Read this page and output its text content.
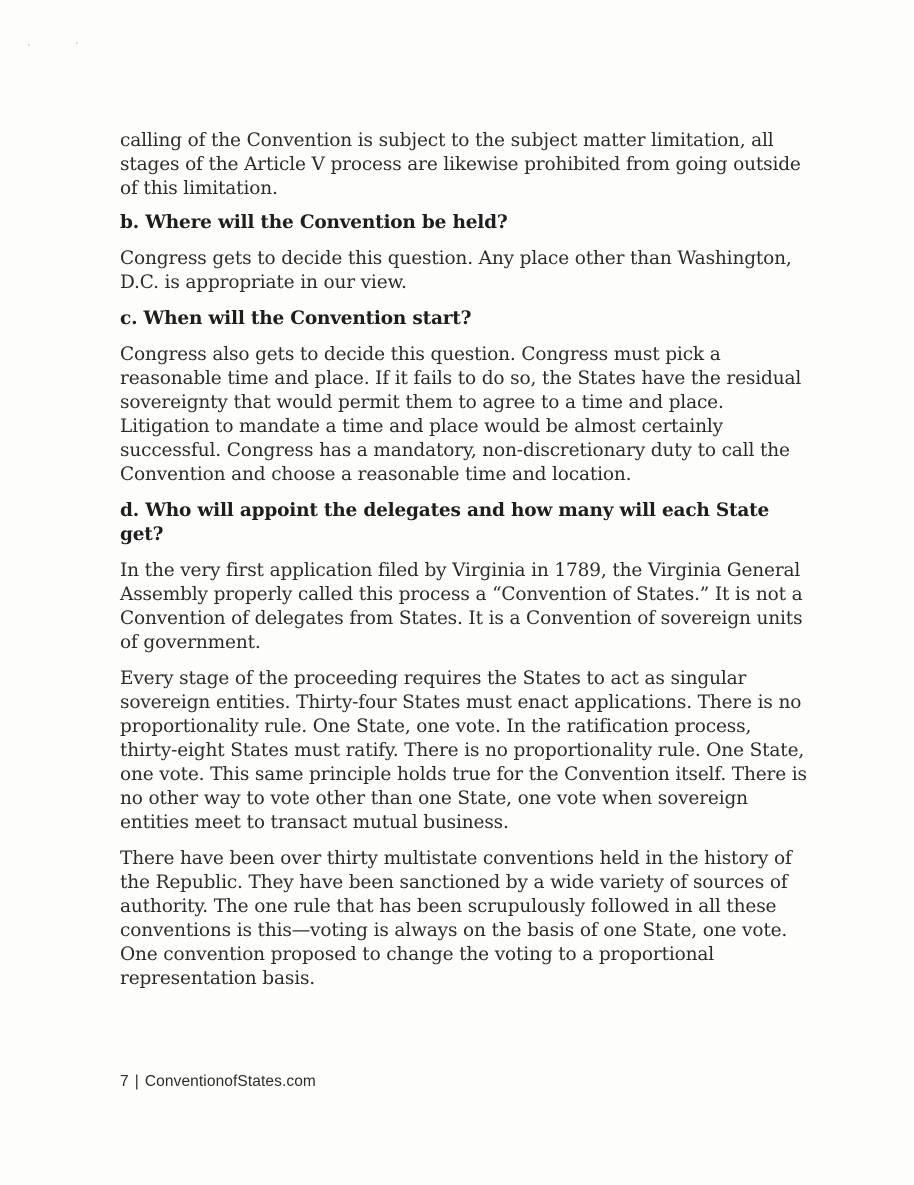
calling of the Convention is subject to the subject matter limitation, all stages of the Article V process are likewise prohibited from going outside of this limitation.

b. Where will the Convention be held?

Congress gets to decide this question. Any place other than Washington, D.C. is appropriate in our view.

c. When will the Convention start?

Congress also gets to decide this question. Congress must pick a reasonable time and place. If it fails to do so, the States have the residual sovereignty that would permit them to agree to a time and place. Litigation to mandate a time and place would be almost certainly successful. Congress has a mandatory, non-discretionary duty to call the Convention and choose a reasonable time and location.

d. Who will appoint the delegates and how many will each State get?

In the very first application filed by Virginia in 1789, the Virginia General Assembly properly called this process a “Convention of States.” It is not a Convention of delegates from States. It is a Convention of sovereign units of government.

Every stage of the proceeding requires the States to act as singular sovereign entities. Thirty-four States must enact applications. There is no proportionality rule. One State, one vote. In the ratification process, thirty-eight States must ratify. There is no proportionality rule. One State, one vote. This same principle holds true for the Convention itself. There is no other way to vote other than one State, one vote when sovereign entities meet to transact mutual business.

There have been over thirty multistate conventions held in the history of the Republic. They have been sanctioned by a wide variety of sources of authority. The one rule that has been scrupulously followed in all these conventions is this—voting is always on the basis of one State, one vote. One convention proposed to change the voting to a proportional representation basis.

7 | ConventionofStates.com
